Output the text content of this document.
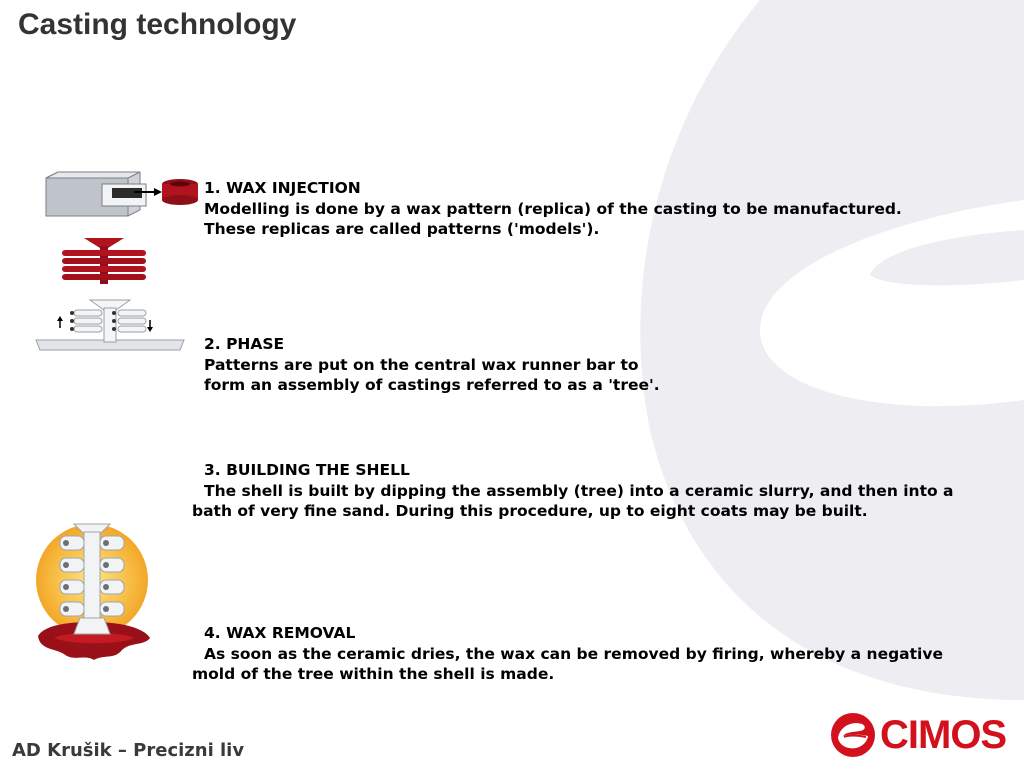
Casting technology
1. WAX INJECTION
Modelling is done by a wax pattern (replica) of the casting to be manufactured.
These replicas are called patterns ('models').
2. PHASE
Patterns are put on the central wax runner bar to
form an assembly of castings referred to as a 'tree'.
3. BUILDING THE SHELL
The shell is built by dipping the assembly (tree) into a ceramic slurry, and then into a bath of very fine sand. During this procedure, up to eight coats may be built.
4. WAX REMOVAL
As soon as the ceramic dries, the wax can be removed by firing, whereby a negative mold of the tree within the shell is made.
AD Krušik – Precizni liv	CIMOS
